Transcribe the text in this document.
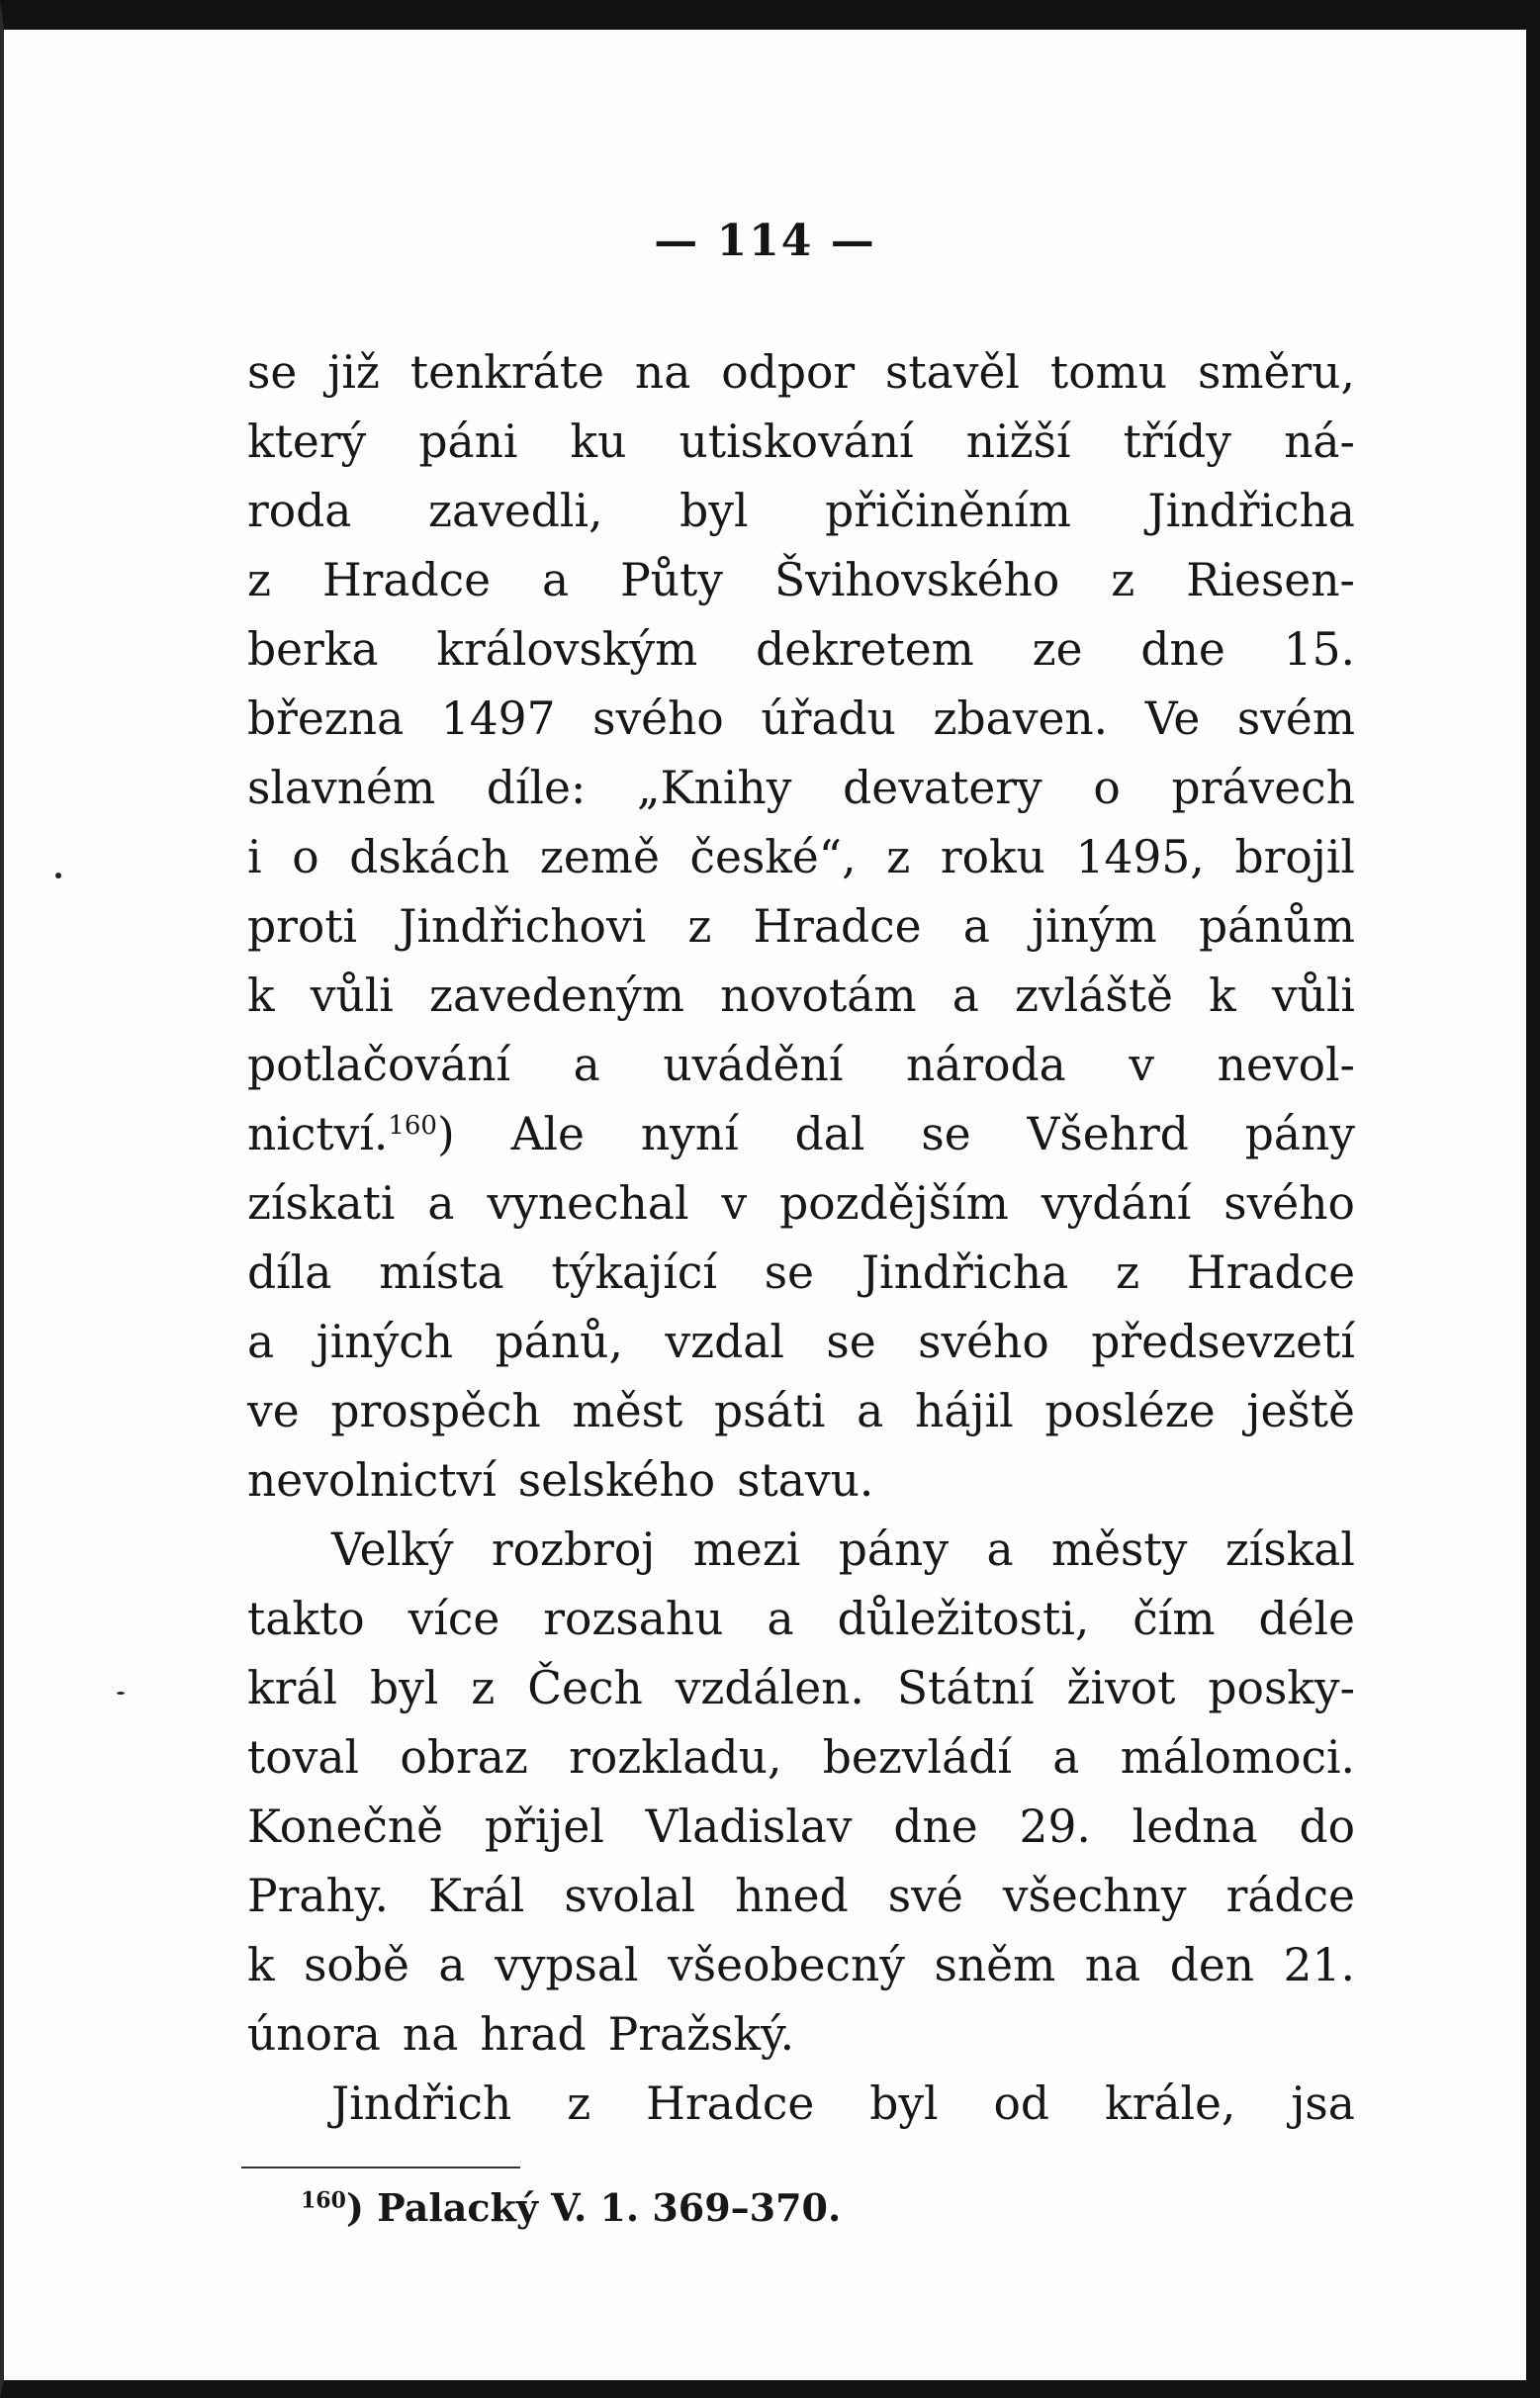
— 114 —
se již tenkráte na odpor stavěl tomu směru,
který páni ku utiskování nižší třídy ná-
roda zavedli, byl přičiněním Jindřicha
z Hradce a Půty Švihovského z Riesen-
berka královským dekretem ze dne 15.
března 1497 svého úřadu zbaven. Ve svém
slavném díle: „Knihy devatery o právech
i o dskách země české“, z roku 1495, brojil
proti Jindřichovi z Hradce a jiným pánům
k vůli zavedeným novotám a zvláště k vůli
potlačování a uvádění národa v nevol-
nictví.$^{160}$) Ale nyní dal se Všehrd pány
získati a vynechal v pozdějším vydání svého
díla místa týkající se Jindřicha z Hradce
a jiných pánů, vzdal se svého předsevzetí
ve prospěch měst psáti a hájil posléze ještě
nevolnictví selského stavu.
Velký rozbroj mezi pány a městy získal
takto více rozsahu a důležitosti, čím déle
král byl z Čech vzdálen. Státní život posky-
toval obraz rozkladu, bezvládí a málomoci.
Konečně přijel Vladislav dne 29. ledna do
Prahy. Král svolal hned své všechny rádce
k sobě a vypsal všeobecný sněm na den 21.
února na hrad Pražský.
Jindřich z Hradce byl od krále, jsa
$^{160}$) Palacký V. 1. 369–370.
